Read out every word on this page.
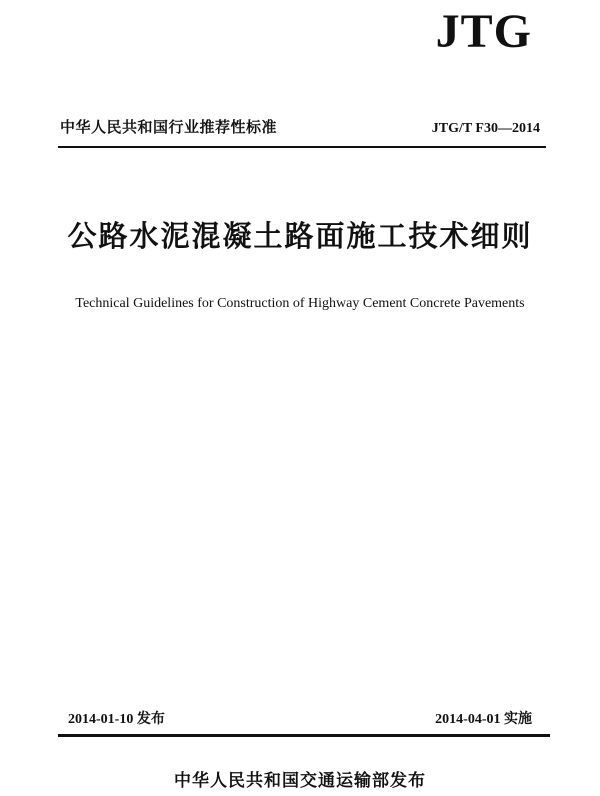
JTG
中华人民共和国行业推荐性标准	JTG/T F30—2014
公路水泥混凝土路面施工技术细则
Technical Guidelines for Construction of Highway Cement Concrete Pavements
2014-01-10 发布	2014-04-01 实施
中华人民共和国交通运输部发布
